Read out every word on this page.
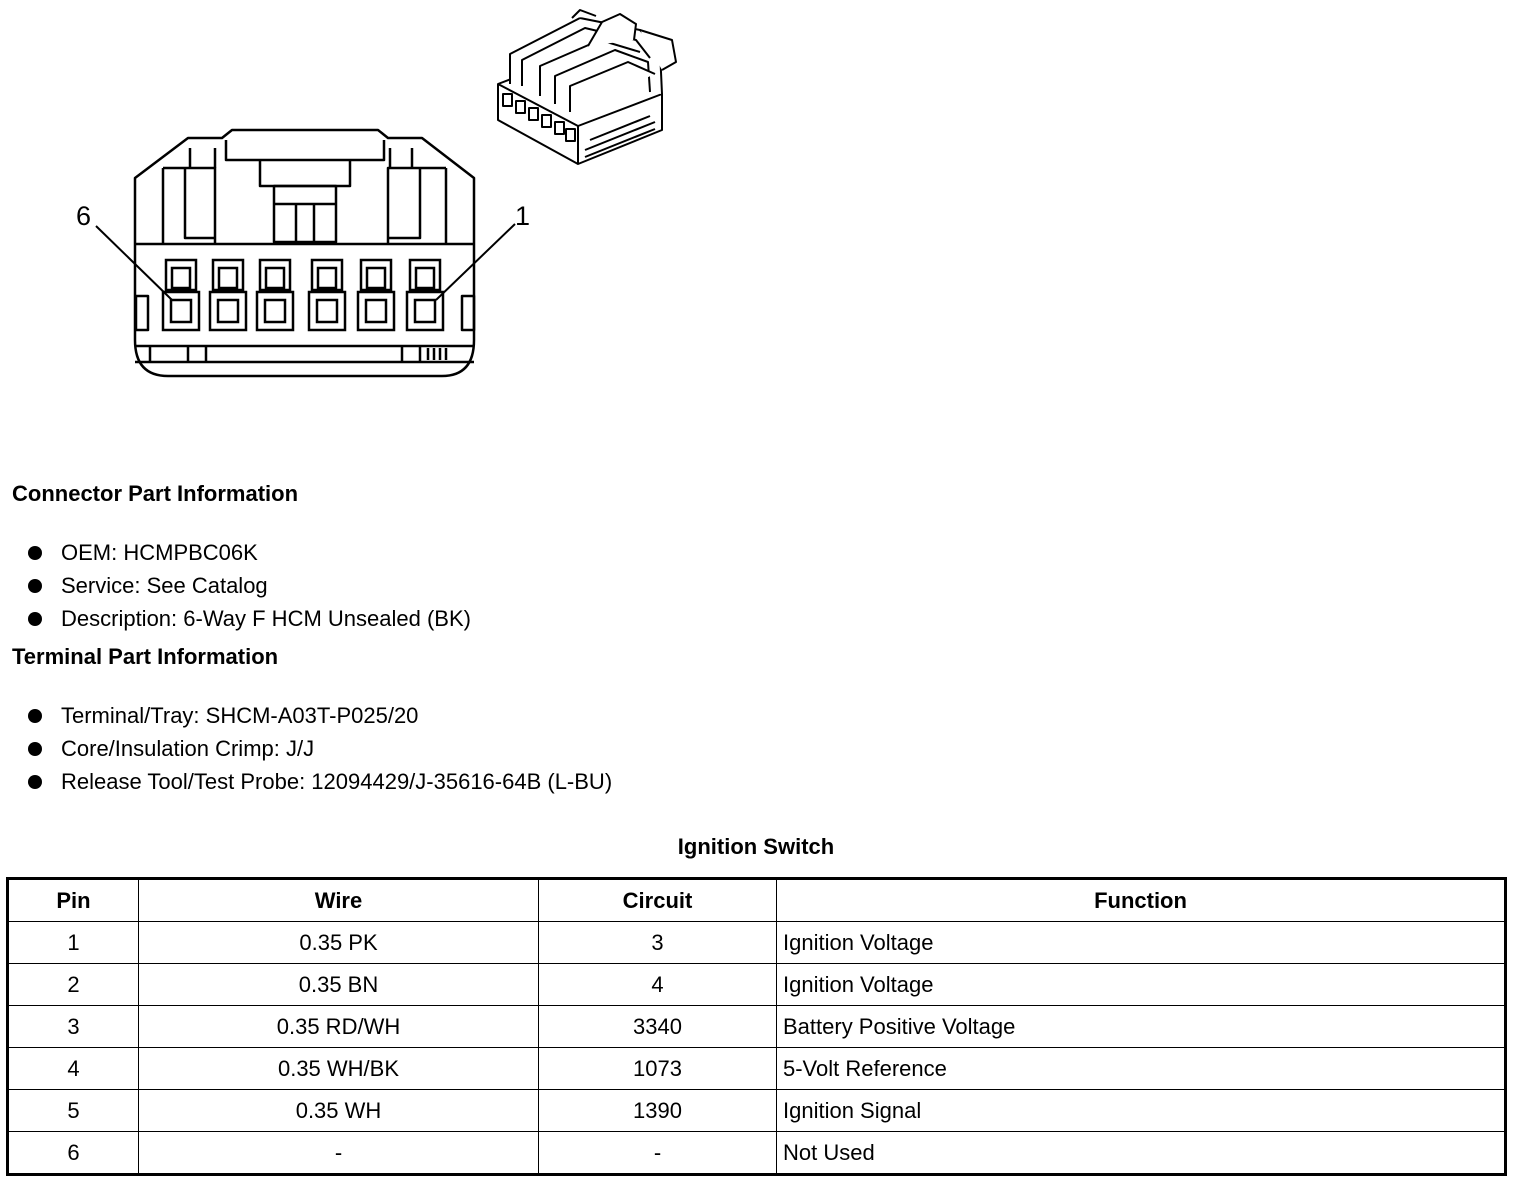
6	1
Connector Part Information
OEM: HCMPBC06K
Service: See Catalog
Description: 6-Way F HCM Unsealed (BK)
Terminal Part Information
Terminal/Tray: SHCM-A03T-P025/20
Core/Insulation Crimp: J/J
Release Tool/Test Probe: 12094429/J-35616-64B (L-BU)
Ignition Switch
Pin	Wire	Circuit	Function
1	0.35 PK	3	Ignition Voltage
2	0.35 BN	4	Ignition Voltage
3	0.35 RD/WH	3340	Battery Positive Voltage
4	0.35 WH/BK	1073	5-Volt Reference
5	0.35 WH	1390	Ignition Signal
6	-	-	Not Used
